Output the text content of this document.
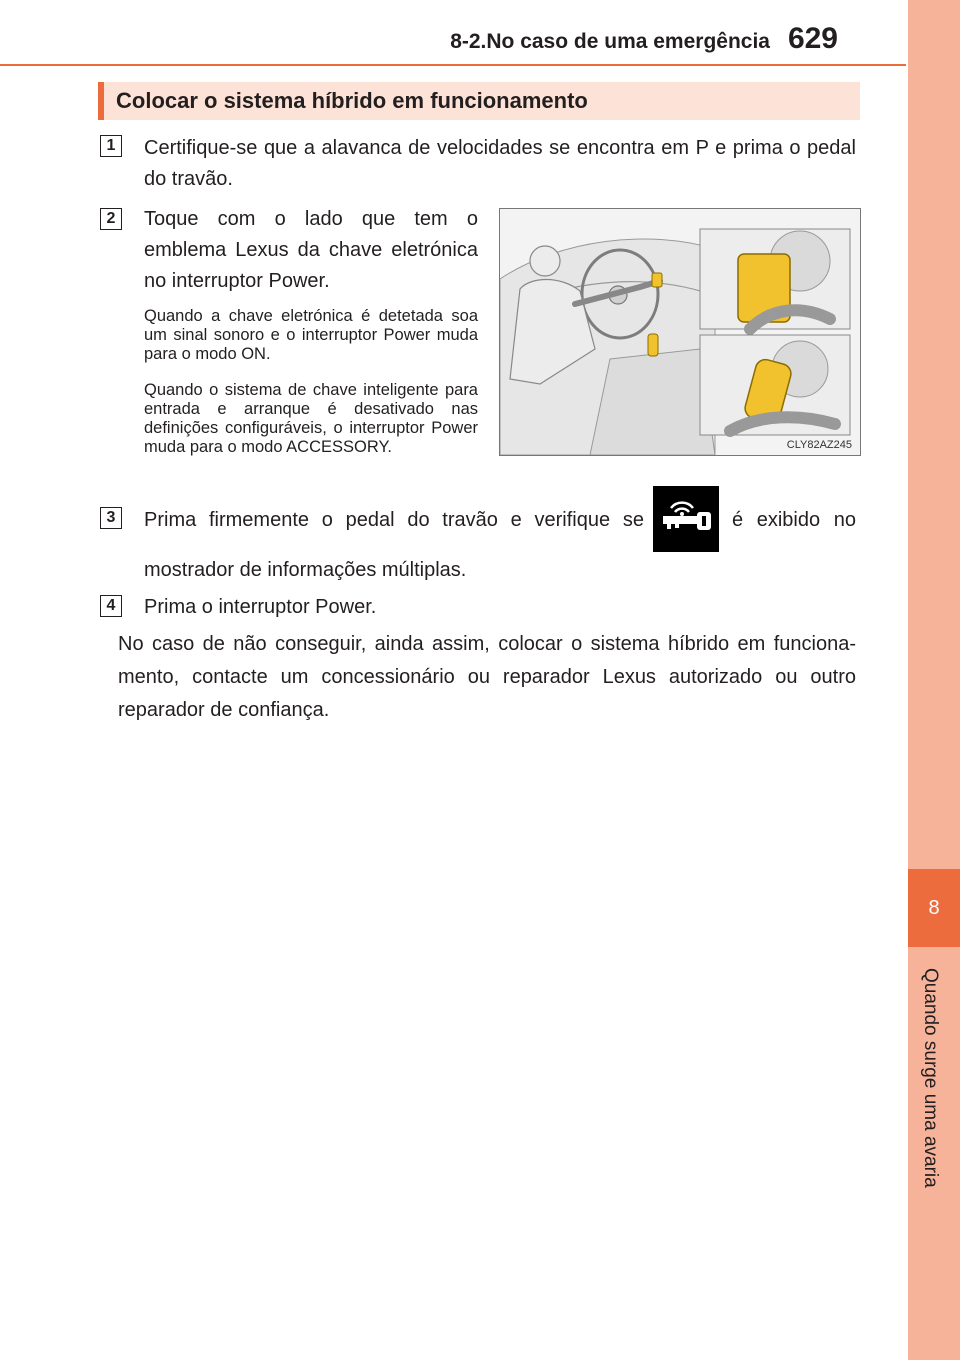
8-2.No caso de uma emergência 629
8
Quando surge uma avaria
Colocar o sistema híbrido em funcionamento
1	Certifique-se que a alavanca de velocidades se encontra em P e prima o pedal do travão.
2	Toque com o lado que tem o emblema Lexus da chave eletrónica no interruptor Power.
Quando a chave eletrónica é detetada soa um sinal sonoro e o interruptor Power muda para o modo ON.
Quando o sistema de chave inteligente para entrada e arranque é desativado nas definições configuráveis, o interruptor Power muda para o modo ACCESSORY.	CLY82AZ245
3	Prima firmemente o pedal do travão e verifique se	é exibido no
mostrador de informações múltiplas.
4	Prima o interruptor Power.
No caso de não conseguir, ainda assim, colocar o sistema híbrido em funciona-mento, contacte um concessionário ou reparador Lexus autorizado ou outro reparador de confiança.
